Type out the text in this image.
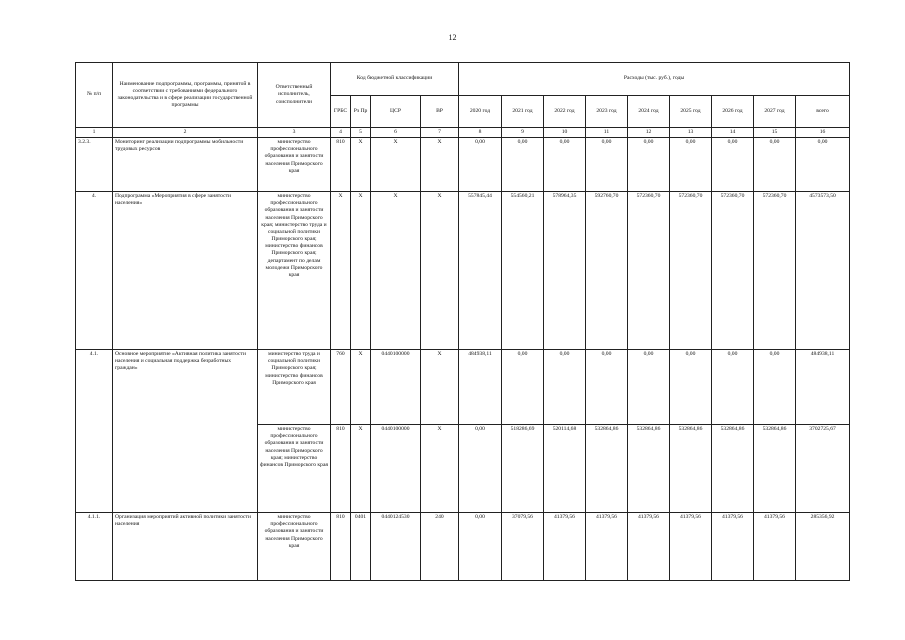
12
№ п/п	Наименование подпрограммы, программы, принятой в соответствии с требованиями федерального законодательства и в сфере реализации государственной программы	Ответственный исполнитель, соисполнители	Код бюджетной классификации				Расходы (тыс. руб.), годы								
			ГРБС	Рз Пр	ЦСР	ВР	2020 год	2021 год	2022 год	2023 год	2024 год	2025 год	2026 год	2027 год	всего
1	2	3	4	5	6	7	8	9	10	11	12	13	14	15	16
3.2.3.	Мониторинг реализации подпрограммы мобильности трудовых ресурсов	министерство профессионального образования и занятости населения Приморского края	810	Х	Х	Х	0,00	0,00	0,00	0,00	0,00	0,00	0,00	0,00	0,00
4.	Подпрограмма «Мероприятия в сфере занятости населения»	министерство профессионального образования и занятости населения Приморского края; министерство труда и социальной политики Приморского края; министерство финансов Приморского края; департамент по делам молодежи Приморского края	Х	Х	Х	Х	557845,44	554560,21	578964,35	592760,70	572360,70	572360,70	572360,70	572360,70	4573573,50
4.1.	Основное мероприятие «Активная политика занятости населения и социальная поддержка безработных граждан»	министерство труда и социальной политики Приморского края; министерство финансов Приморского края	760	Х	0440100000	Х	484938,11	0,00	0,00	0,00	0,00	0,00	0,00	0,00	484938,11
		министерство профессионального образования и занятости населения Приморского края; министерство финансов Приморского края	810	Х	0440100000	Х	0,00	518286,69	520114,68	532864,86	532864,86	532864,86	532864,86	532864,86	3702725,67
4.1.1.	Организация мероприятий активной политики занятости населения	министерство профессионального образования и занятости населения Приморского края	810	0401	0440124530	240	0,00	37079,56	41379,56	41379,56	41379,56	41379,56	41379,56	41379,56	285356,92
